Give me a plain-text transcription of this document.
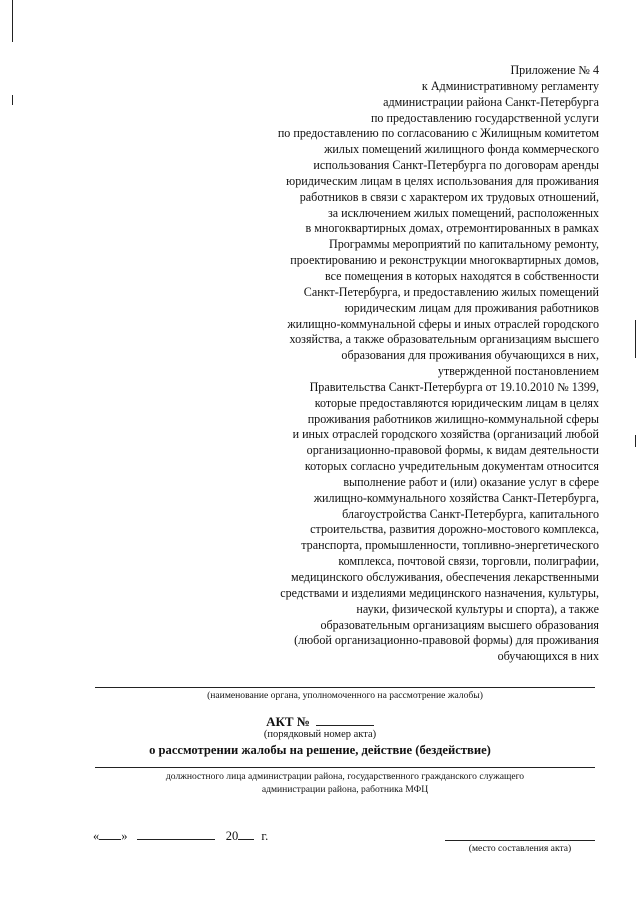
Приложение № 4
к Административному регламенту
администрации района Санкт-Петербурга
по предоставлению государственной услуги
по предоставлению по согласованию с Жилищным комитетом
жилых помещений жилищного фонда коммерческого
использования Санкт-Петербурга по договорам аренды
юридическим лицам в целях использования для проживания
работников в связи с характером их трудовых отношений,
за исключением жилых помещений, расположенных
в многоквартирных домах, отремонтированных в рамках
Программы мероприятий по капитальному ремонту,
проектированию и реконструкции многоквартирных домов,
все помещения в которых находятся в собственности
Санкт-Петербурга, и предоставлению жилых помещений
юридическим лицам для проживания работников
жилищно-коммунальной сферы и иных отраслей городского
хозяйства, а также образовательным организациям высшего
образования для проживания обучающихся в них,
утвержденной постановлением
Правительства Санкт-Петербурга от 19.10.2010 № 1399,
которые предоставляются юридическим лицам в целях
проживания работников жилищно-коммунальной сферы
и иных отраслей городского хозяйства (организаций любой
организационно-правовой формы, к видам деятельности
которых согласно учредительным документам относится
выполнение работ и (или) оказание услуг в сфере
жилищно-коммунального хозяйства Санкт-Петербурга,
благоустройства Санкт-Петербурга, капитального
строительства, развития дорожно-мостового комплекса,
транспорта, промышленности, топливно-энергетического
комплекса, почтовой связи, торговли, полиграфии,
медицинского обслуживания, обеспечения лекарственными
средствами и изделиями медицинского назначения, культуры,
науки, физической культуры и спорта), а также
образовательным организациям высшего образования
(любой организационно-правовой формы) для проживания
обучающихся в них
(наименование органа, уполномоченного на рассмотрение жалобы)
АКТ №
(порядковый номер акта)
о рассмотрении жалобы на решение, действие (бездействие)
должностного лица администрации района, государственного гражданского служащего
администрации района, работника МФЦ
« »	20 г.
(место составления акта)
